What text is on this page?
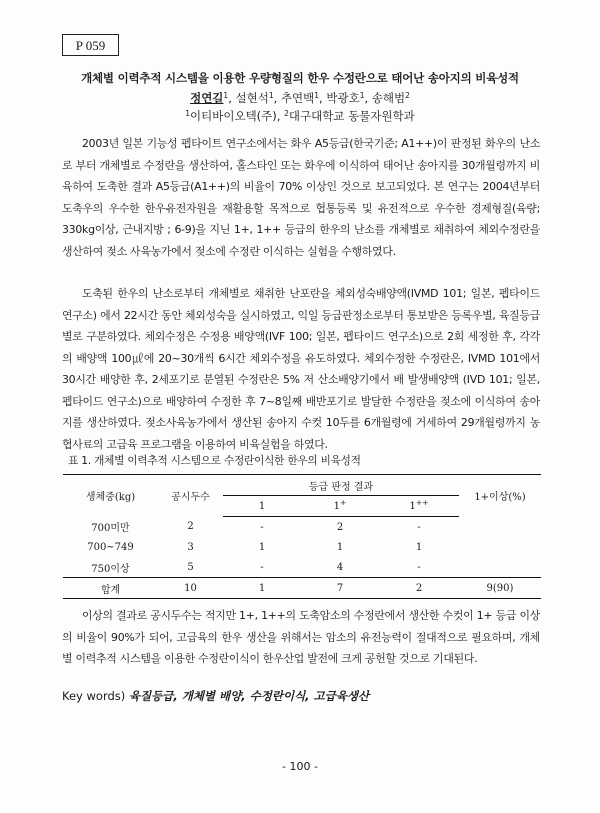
P 059
개체별 이력추적 시스템을 이용한 우량형질의 한우 수정란으로 태어난 송아지의 비육성적
정연길$^1$, 설현석$^1$, 추연백$^1$, 박광호$^1$, 송해범$^2$
$^1$이티바이오텍(주), $^2$대구대학교 동물자원학과

2003년 일본 기능성 펩타이트 연구소에서는 화우 A5등급(한국기준; A1++)이 판정된 화우의 난소로 부터 개체별로 수정란을 생산하여, 홀스타인 또는 화우에 이식하여 태어난 송아지를 30개월령까지 비육하여 도축한 결과 A5등급(A1++)의 비율이 70% 이상인 것으로 보고되었다. 본 연구는 2004년부터 도축우의 우수한 한우유전자원을 재활용할 목적으로 협통등록 및 유전적으로 우수한 경제형질(육량; 330kg이상, 근내지방 ; 6-9)을 지닌 1+, 1++ 등급의 한우의 난소를 개체별로 채취하여 체외수정란을 생산하여 젖소 사육농가에서 젖소에 수정란 이식하는 실험을 수행하였다.

도축된 한우의 난소로부터 개체별로 채취한 난포란을 체외성숙배양액(IVMD 101; 일본, 펩타이드 연구소) 에서 22시간 동안 체외성숙을 실시하였고, 익일 등급판정소로부터 통보받은 등록우별, 육질등급별로 구분하였다. 체외수정은 수정용 배양액(IVF 100; 일본, 펩타이드 연구소)으로 2회 세정한 후, 각각의 배양액 100㎕에 20~30개씩 6시간 체외수정을 유도하였다. 체외수정한 수정란은, IVMD 101에서 30시간 배양한 후, 2세포기로 분열된 수정란은 5% 저 산소배양기에서 배 발생배양액 (IVD 101; 일본, 펩타이드 연구소)으로 배양하여 수정한 후 7~8일째 배반포기로 발달한 수정란을 젖소에 이식하여 송아지를 생산하였다. 젖소사육농가에서 생산된 송아지 수컷 10두를 6개월령에 거세하여 29개월령까지 농협사료의 고급육 프로그램을 이용하여 비육실험을 하였다.

표 1. 개체별 이력추적 시스템으로 수정란이식한 한우의 비육성적
생체중(kg)	공시두수	등급 판정 결과			1+이상(%)
		1	1+	1++
700미만	2	-	2	-	
700~749	3	1	1	1	
750이상	5	-	4	-	
합계	10	1	7	2	9(90)

이상의 결과로 공시두수는 적지만 1+, 1++의 도축암소의 수정란에서 생산한 수컷이 1+ 등급 이상의 비율이 90%가 되어, 고급육의 한우 생산을 위해서는 암소의 유전능력이 절대적으로 필요하며, 개체별 이력추적 시스템을 이용한 수정란이식이 한우산업 발전에 크게 공헌할 것으로 기대된다.

Key words) 육질등급, 개체별 배양, 수정란이식, 고급육생산
- 100 -
